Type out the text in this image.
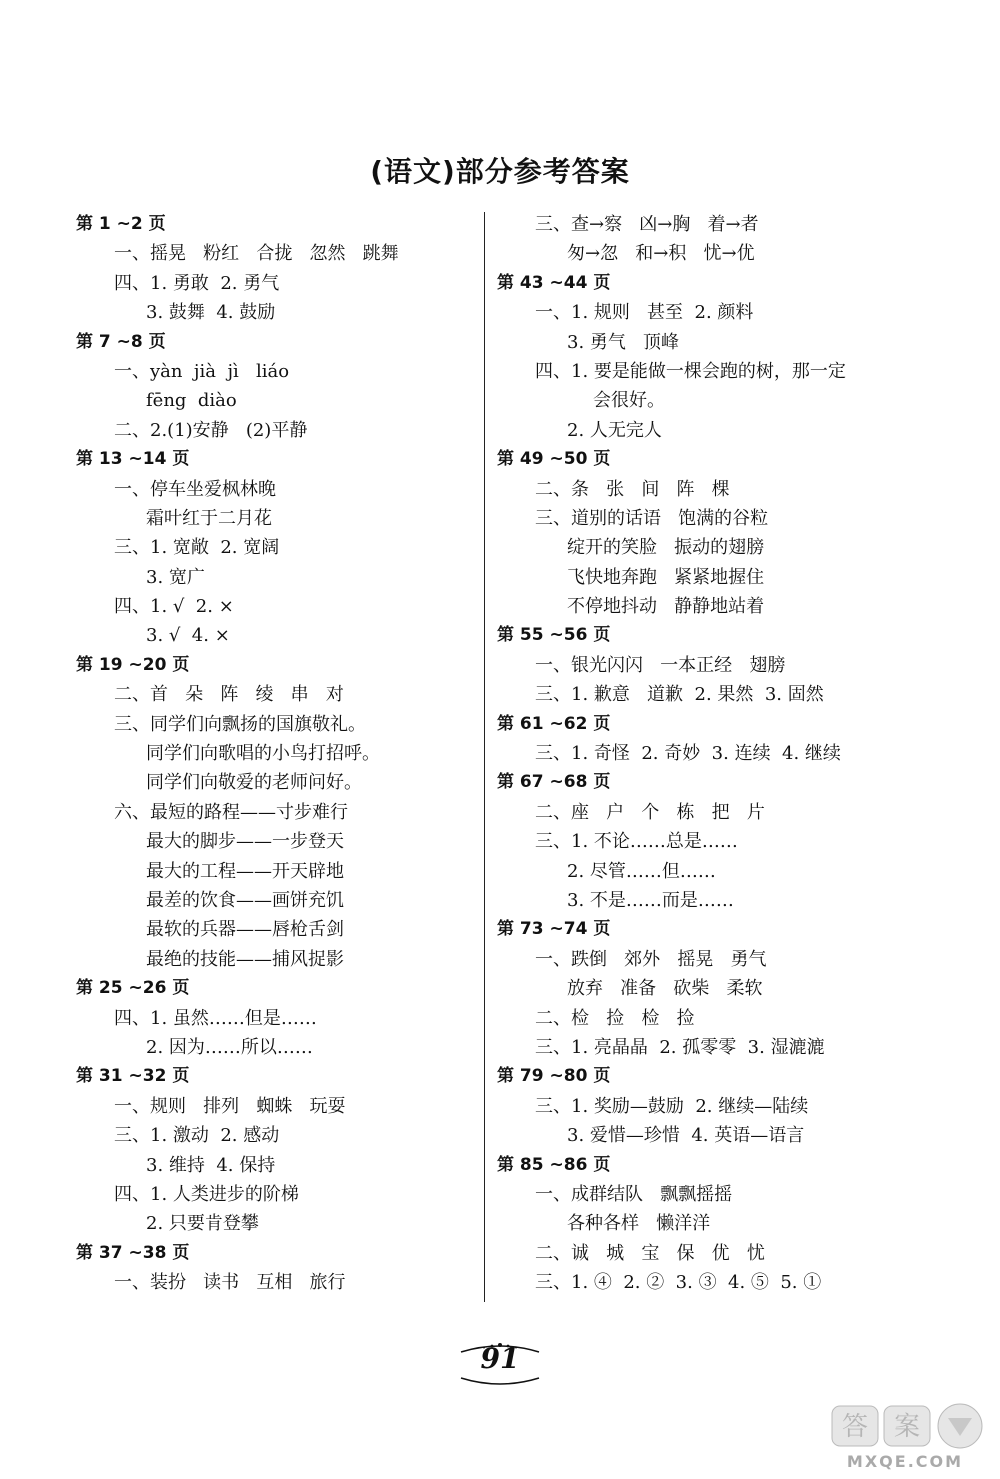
(语文)部分参考答案
第 1 ~2 页
一、摇晃   粉红   合拢   忽然   跳舞
四、1. 勇敢  2. 勇气
3. 鼓舞  4. 鼓励
第 7 ~8 页
一、yàn  jià  jì   liáo
fēng  diào
二、2.(1)安静   (2)平静
第 13 ~14 页
一、停车坐爱枫林晚
霜叶红于二月花
三、1. 宽敞  2. 宽阔
3. 宽广
四、1. √  2. ×
3. √  4. ×
第 19 ~20 页
二、首   朵   阵   绫   串   对
三、同学们向飘扬的国旗敬礼。
同学们向歌唱的小鸟打招呼。
同学们向敬爱的老师问好。
六、最短的路程——寸步难行
最大的脚步——一步登天
最大的工程——开天辟地
最差的饮食——画饼充饥
最软的兵器——唇枪舌剑
最绝的技能——捕风捉影
第 25 ~26 页
四、1. 虽然……但是……
2. 因为……所以……
第 31 ~32 页
一、规则   排列   蜘蛛   玩耍
三、1. 激动  2. 感动
3. 维持  4. 保持
四、1. 人类进步的阶梯
2. 只要肯登攀
第 37 ~38 页
一、装扮   读书   互相   旅行
三、查→察   凶→胸   着→者
匆→忽   和→积   忧→优
第 43 ~44 页
一、1. 规则   甚至  2. 颜料
3. 勇气   顶峰
四、1. 要是能做一棵会跑的树，那一定
会很好。
2. 人无完人
第 49 ~50 页
二、条   张   间   阵   棵
三、道别的话语   饱满的谷粒
绽开的笑脸   振动的翅膀
飞快地奔跑   紧紧地握住
不停地抖动   静静地站着
第 55 ~56 页
一、银光闪闪   一本正经   翅膀
三、1. 歉意   道歉  2. 果然  3. 固然
第 61 ~62 页
三、1. 奇怪  2. 奇妙  3. 连续  4. 继续
第 67 ~68 页
二、座   户   个   栋   把   片
三、1. 不论……总是……
2. 尽管……但……
3. 不是……而是……
第 73 ~74 页
一、跌倒   郊外   摇晃   勇气
放弃   准备   砍柴   柔软
二、检   捡   检   捡
三、1. 亮晶晶  2. 孤零零  3. 湿漉漉
第 79 ~80 页
三、1. 奖励—鼓励  2. 继续—陆续
3. 爱惜—珍惜  4. 英语—语言
第 85 ~86 页
一、成群结队   飘飘摇摇
各种各样   懒洋洋
二、诚   城   宝   保   优   忧
三、1. ④  2. ②  3. ③  4. ⑤  5. ①
91
答 案
MXQE.COM
